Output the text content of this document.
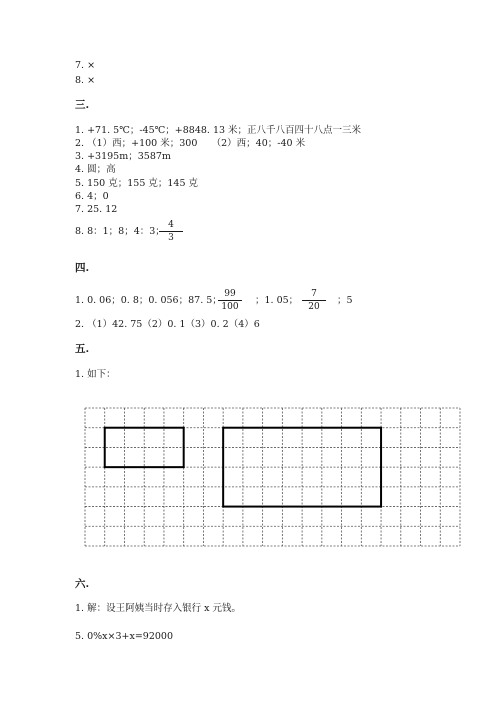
7. ×
8. ×
三.
1. +71. 5℃；-45℃；+8848. 13 米；正八千八百四十八点一三米
2. （1）西；+100 米；300　　（2）西；40；-40 米
3. +3195m；3587m
4. 圆；高
5. 150 克；155 克；145 克
6. 4；0
7. 25. 12
8. 8：1；8；4：3；
4
3
四.
1. 0. 06；0. 8；0. 056；87. 5；
99
100
；1. 05；
7
20
；5
2. （1）42. 75（2）0. 1（3）0. 2（4）6
五.
1. 如下：
六.
1. 解：设王阿姨当时存入银行 x 元钱。
5. 0%x×3+x=92000
